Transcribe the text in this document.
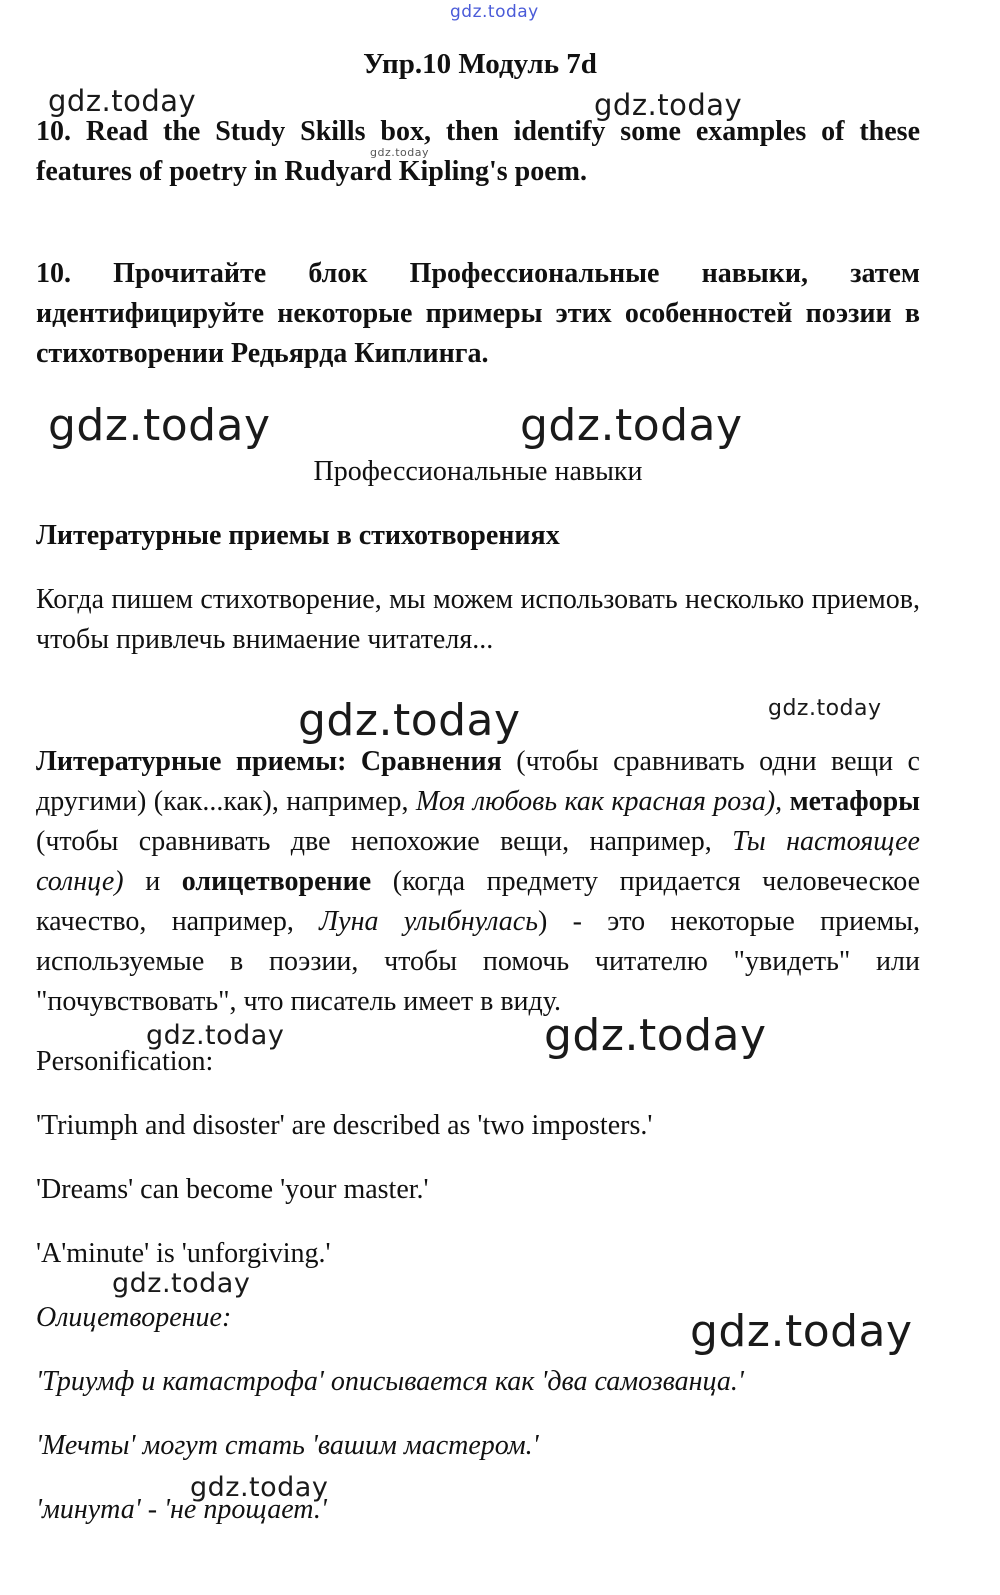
gdz.today
gdz.today	gdz.today
gdz.today
gdz.today	gdz.today
gdz.today	gdz.today
gdz.today	gdz.today
gdz.today
gdz.today
gdz.today
Упр.10 Модуль 7d
10. Read the Study Skills box, then identify some examples of these features of poetry in Rudyard Kipling's poem.
10. Прочитайте блок Профессиональные навыки, затем идентифицируйте некоторые примеры этих особенностей поэзии в стихотворении Редьярда Киплинга.
Профессиональные навыки
Литературные приемы в стихотворениях
Когда пишем стихотворение, мы можем использовать несколько приемов, чтобы привлечь внимаение читателя...
Литературные приемы: Сравнения (чтобы сравнивать одни вещи с другими) (как...как), например, Моя любовь как красная роза), метафоры (чтобы сравнивать две непохожие вещи, например, Ты настоящее солнце) и олицетворение (когда предмету придается человеческое качество, например, Луна улыбнулась) - это некоторые приемы, используемые в поэзии, чтобы помочь читателю "увидеть" или "почувствовать", что писатель имеет в виду.
Personification:
'Triumph and disoster' are described as 'two imposters.'
'Dreams' can become 'your master.'
'A'minute' is 'unforgiving.'
Олицетворение:
'Триумф и катастрофа' описывается как 'два самозванца.'
'Мечты' могут стать 'вашим мастером.'
'минута' - 'не прощает.'
